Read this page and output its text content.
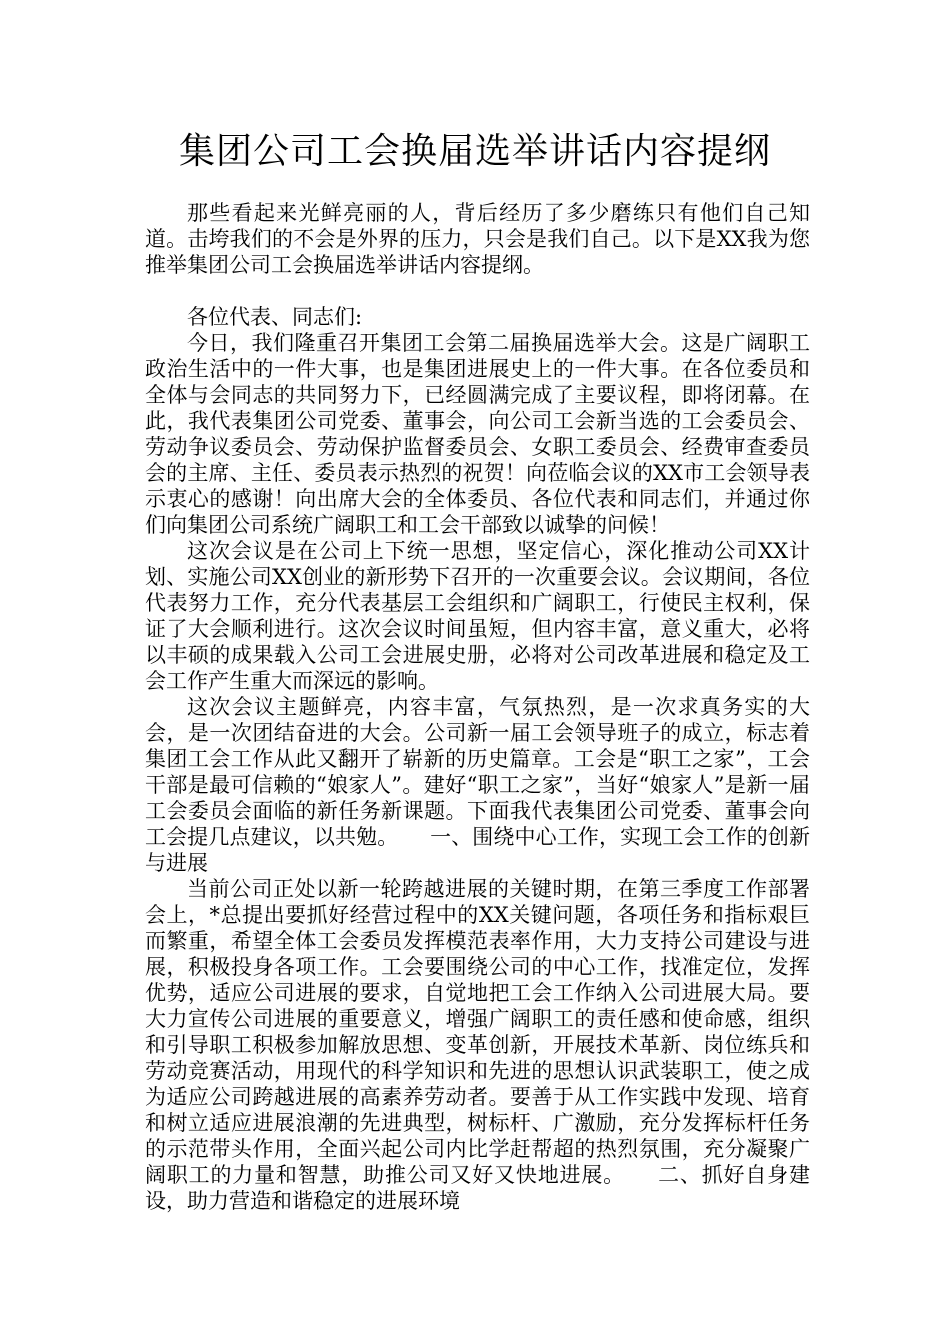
集团公司工会换届选举讲话内容提纲

那些看起来光鲜亮丽的人，背后经历了多少磨练只有他们自己知道。击垮我们的不会是外界的压力，只会是我们自己。以下是XX我为您推举集团公司工会换届选举讲话内容提纲。

各位代表、同志们:

今日，我们隆重召开集团工会第二届换届选举大会。这是广阔职工政治生活中的一件大事，也是集团进展史上的一件大事。在各位委员和全体与会同志的共同努力下，已经圆满完成了主要议程，即将闭幕。在此，我代表集团公司党委、董事会，向公司工会新当选的工会委员会、劳动争议委员会、劳动保护监督委员会、女职工委员会、经费审查委员会的主席、主任、委员表示热烈的祝贺！向莅临会议的XX市工会领导表示衷心的感谢！向出席大会的全体委员、各位代表和同志们，并通过你们向集团公司系统广阔职工和工会干部致以诚挚的问候！

这次会议是在公司上下统一思想，坚定信心，深化推动公司XX计划、实施公司XX创业的新形势下召开的一次重要会议。会议期间，各位代表努力工作，充分代表基层工会组织和广阔职工，行使民主权利，保证了大会顺利进行。这次会议时间虽短，但内容丰富，意义重大，必将以丰硕的成果载入公司工会进展史册，必将对公司改革进展和稳定及工会工作产生重大而深远的影响。

这次会议主题鲜亮，内容丰富，气氛热烈，是一次求真务实的大会，是一次团结奋进的大会。公司新一届工会领导班子的成立，标志着集团工会工作从此又翻开了崭新的历史篇章。工会是“职工之家”，工会干部是最可信赖的“娘家人”。建好“职工之家”，当好“娘家人”是新一届工会委员会面临的新任务新课题。下面我代表集团公司党委、董事会向工会提几点建议，以共勉。　　一、围绕中心工作，实现工会工作的创新与进展

当前公司正处以新一轮跨越进展的关键时期，在第三季度工作部署会上，*总提出要抓好经营过程中的XX关键问题，各项任务和指标艰巨而繁重，希望全体工会委员发挥模范表率作用，大力支持公司建设与进展，积极投身各项工作。工会要围绕公司的中心工作，找准定位，发挥优势，适应公司进展的要求，自觉地把工会工作纳入公司进展大局。要大力宣传公司进展的重要意义，增强广阔职工的责任感和使命感，组织和引导职工积极参加解放思想、变革创新，开展技术革新、岗位练兵和劳动竞赛活动，用现代的科学知识和先进的思想认识武装职工，使之成为适应公司跨越进展的高素养劳动者。要善于从工作实践中发现、培育和树立适应进展浪潮的先进典型，树标杆、广激励，充分发挥标杆任务的示范带头作用，全面兴起公司内比学赶帮超的热烈氛围，充分凝聚广阔职工的力量和智慧，助推公司又好又快地进展。　　二、抓好自身建设，助力营造和谐稳定的进展环境
